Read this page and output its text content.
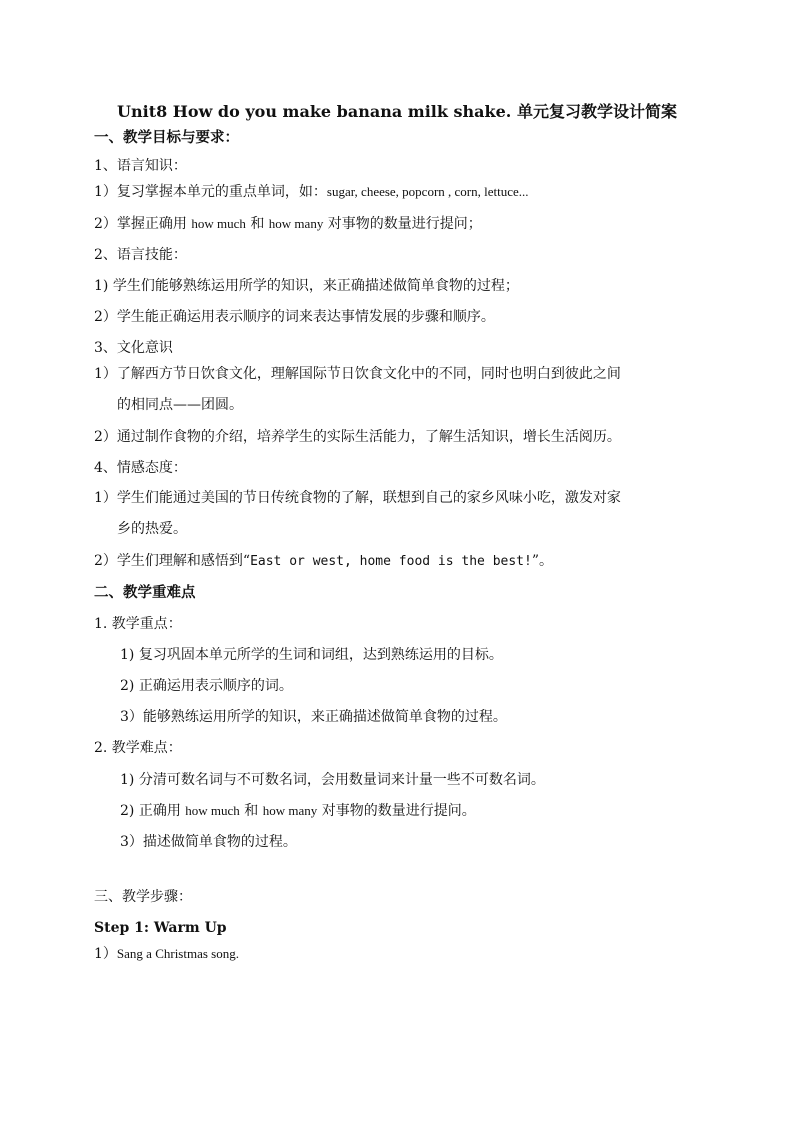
Unit8 How do you make banana milk shake. 单元复习教学设计简案
一、教学目标与要求：
1、语言知识：
1）复习掌握本单元的重点单词，如：sugar, cheese, popcorn , corn, lettuce...
2）掌握正确用 how much 和 how many 对事物的数量进行提问；
2、语言技能：
1) 学生们能够熟练运用所学的知识，来正确描述做简单食物的过程；
2）学生能正确运用表示顺序的词来表达事情发展的步骤和顺序。
3、文化意识
1）了解西方节日饮食文化，理解国际节日饮食文化中的不同，同时也明白到彼此之间
的相同点——团圆。
2）通过制作食物的介绍，培养学生的实际生活能力，了解生活知识，增长生活阅历。
4、情感态度：
1）学生们能通过美国的节日传统食物的了解，联想到自己的家乡风味小吃，激发对家
乡的热爱。
2）学生们理解和感悟到“East or west, home food is the best!”。
二、教学重难点
1. 教学重点：
1) 复习巩固本单元所学的生词和词组，达到熟练运用的目标。
2) 正确运用表示顺序的词。
3）能够熟练运用所学的知识，来正确描述做简单食物的过程。
2. 教学难点：
1) 分清可数名词与不可数名词，会用数量词来计量一些不可数名词。
2) 正确用 how much 和 how many 对事物的数量进行提问。
3）描述做简单食物的过程。
三、教学步骤：
Step 1: Warm Up
1）Sang a Christmas song.
